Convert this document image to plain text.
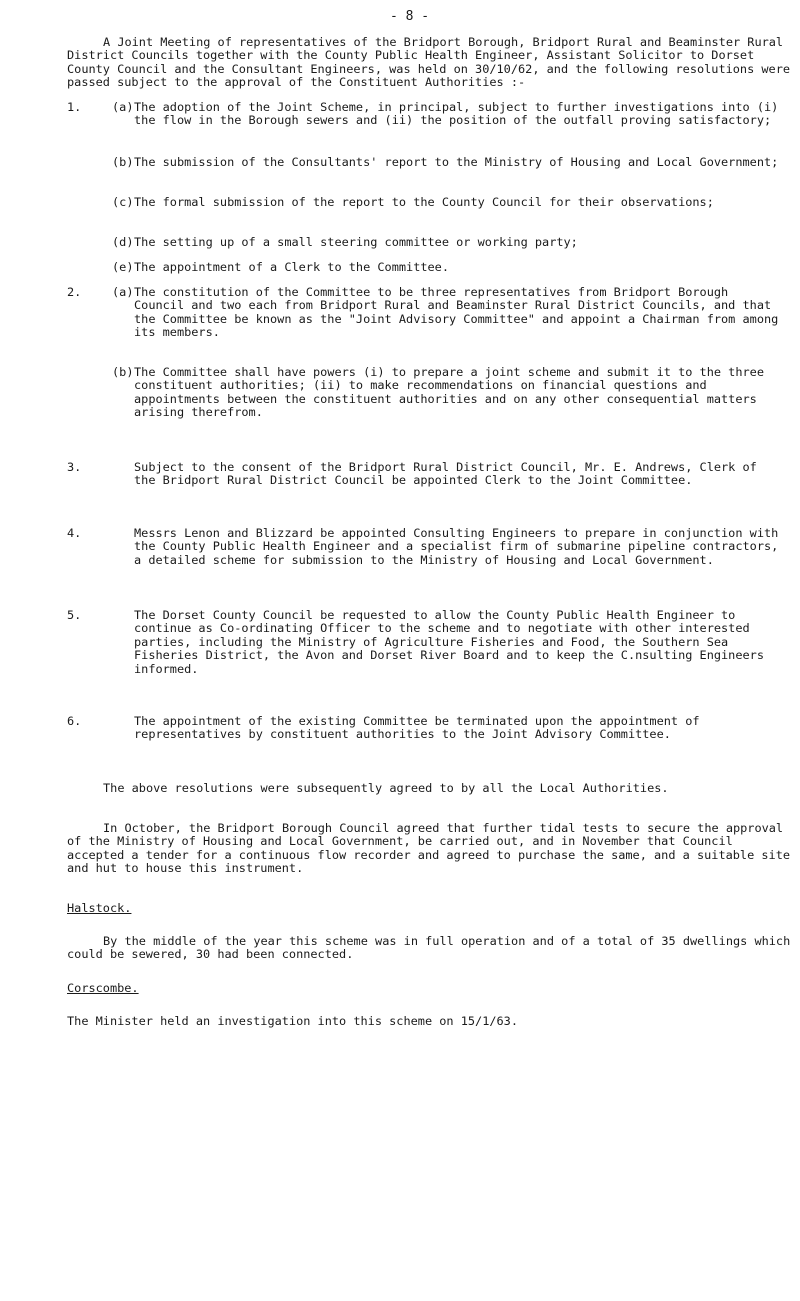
- 8 -

A Joint Meeting of representatives of the Bridport Borough, Bridport Rural and Beaminster Rural District Councils together with the County Public Health Engineer, Assistant Solicitor to Dorset County Council and the Consultant Engineers, was held on 30/10/62, and the following resolutions were passed subject to the approval of the Constituent Authorities :-

1.	(a) The adoption of the Joint Scheme, in principal, subject to further investigations into (i) the flow in the Borough sewers and (ii) the position of the outfall proving satisfactory;

(b) The submission of the Consultants' report to the Ministry of Housing and Local Government;

(c) The formal submission of the report to the County Council for their observations;

(d) The setting up of a small steering committee or working party;

(e) The appointment of a Clerk to the Committee.

2.	(a) The constitution of the Committee to be three representatives from Bridport Borough Council and two each from Bridport Rural and Beaminster Rural District Councils, and that the Committee be known as the "Joint Advisory Committee" and appoint a Chairman from among its members.

(b) The Committee shall have powers (i) to prepare a joint scheme and submit it to the three constituent authorities; (ii) to make recommendations on financial questions and appointments between the constituent authorities and on any other consequential matters arising therefrom.

3.	Subject to the consent of the Bridport Rural District Council, Mr. E. Andrews, Clerk of the Bridport Rural District Council be appointed Clerk to the Joint Committee.

4.	Messrs Lenon and Blizzard be appointed Consulting Engineers to prepare in conjunction with the County Public Health Engineer and a specialist firm of submarine pipeline contractors, a detailed scheme for submission to the Ministry of Housing and Local Government.

5.	The Dorset County Council be requested to allow the County Public Health Engineer to continue as Co-ordinating Officer to the scheme and to negotiate with other interested parties, including the Ministry of Agriculture Fisheries and Food, the Southern Sea Fisheries District, the Avon and Dorset River Board and to keep the C.nsulting Engineers informed.

6.	The appointment of the existing Committee be terminated upon the appointment of representatives by constituent authorities to the Joint Advisory Committee.

The above resolutions were subsequently agreed to by all the Local Authorities.

In October, the Bridport Borough Council agreed that further tidal tests to secure the approval of the Ministry of Housing and Local Government, be carried out, and in November that Council accepted a tender for a continuous flow recorder and agreed to purchase the same, and a suitable site and hut to house this instrument.

Halstock.

By the middle of the year this scheme was in full operation and of a total of 35 dwellings which could be sewered, 30 had been connected.

Corscombe.

The Minister held an investigation into this scheme on 15/1/63.
